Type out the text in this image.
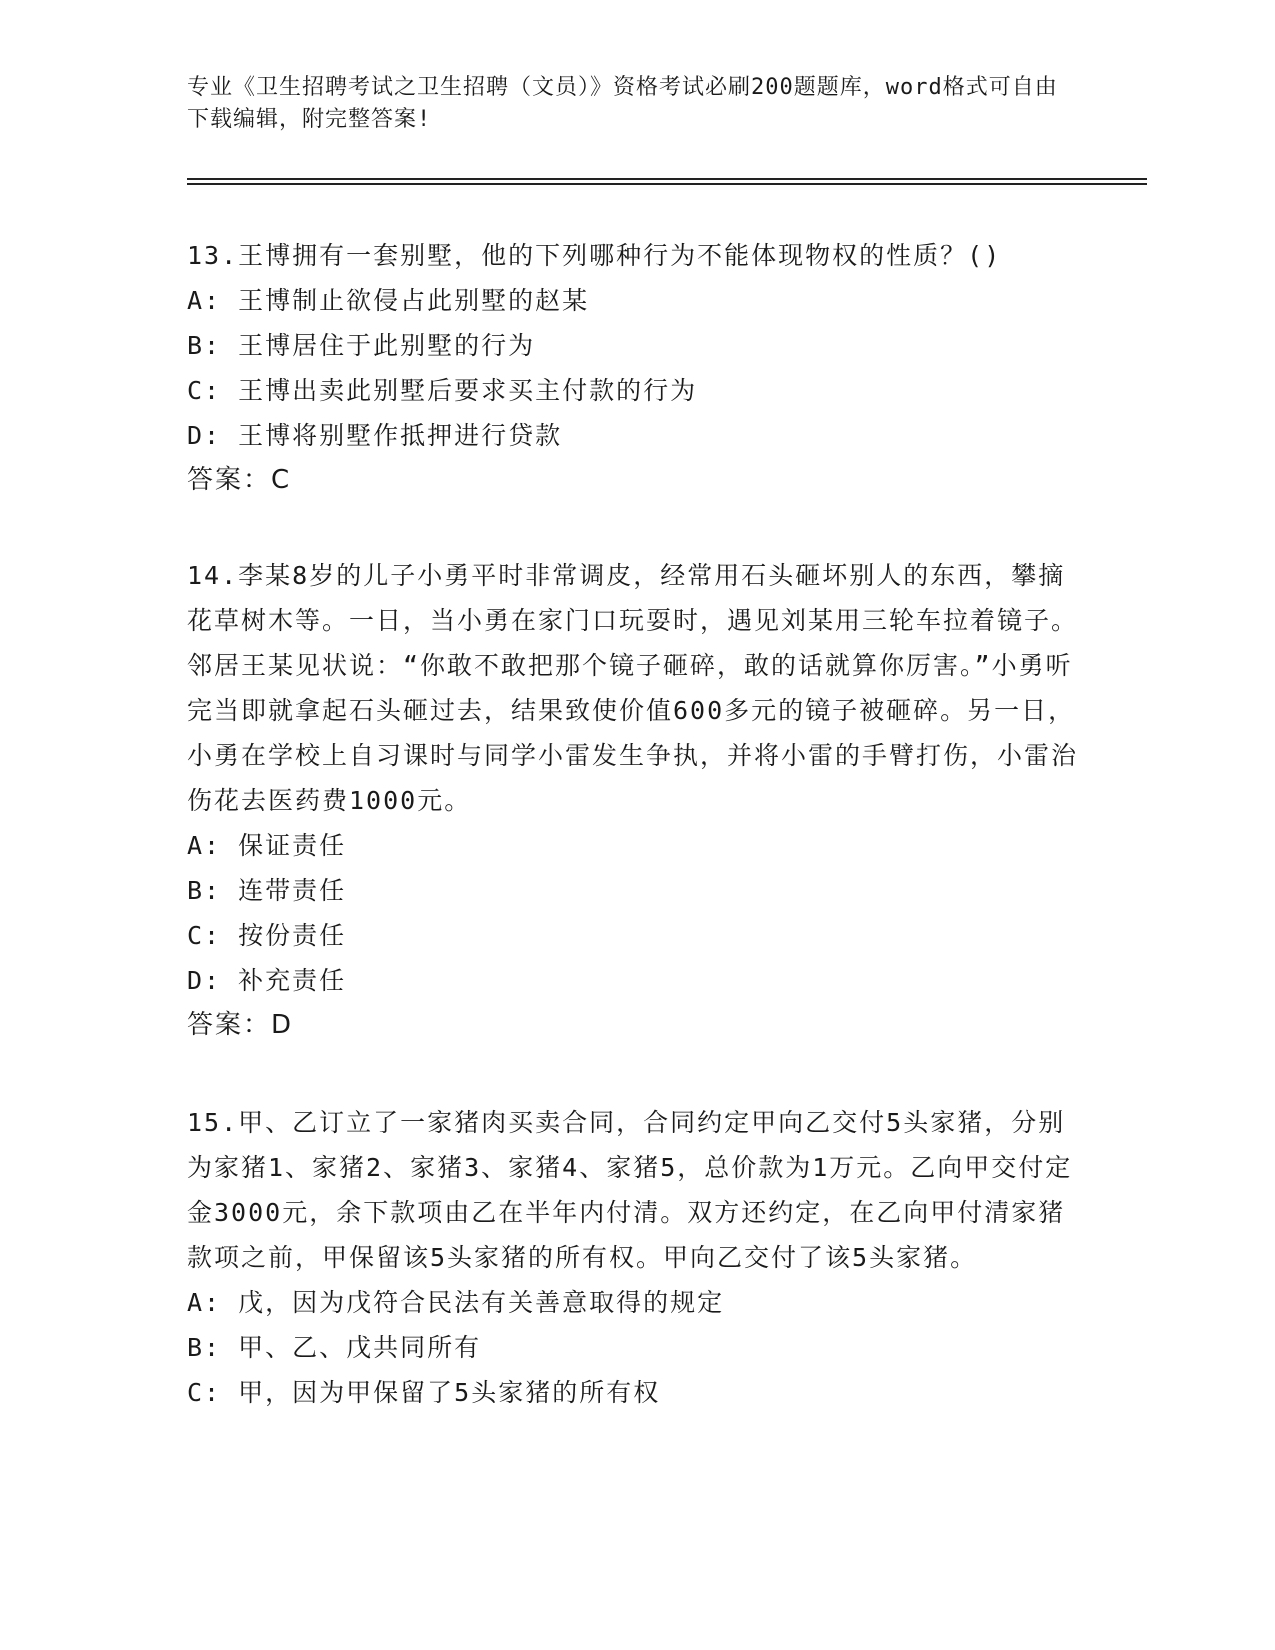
专业《卫生招聘考试之卫生招聘（文员）》资格考试必刷200题题库，word格式可自由下载编辑，附完整答案!
13.王博拥有一套别墅，他的下列哪种行为不能体现物权的性质？()
A: 王博制止欲侵占此别墅的赵某
B: 王博居住于此别墅的行为
C: 王博出卖此别墅后要求买主付款的行为
D: 王博将别墅作抵押进行贷款
答案：C
14.李某8岁的儿子小勇平时非常调皮，经常用石头砸坏别人的东西，攀摘花草树木等。一日，当小勇在家门口玩耍时，遇见刘某用三轮车拉着镜子。邻居王某见状说：“你敢不敢把那个镜子砸碎，敢的话就算你厉害。”小勇听完当即就拿起石头砸过去，结果致使价值600多元的镜子被砸碎。另一日，小勇在学校上自习课时与同学小雷发生争执，并将小雷的手臂打伤，小雷治伤花去医药费1000元。
A: 保证责任
B: 连带责任
C: 按份责任
D: 补充责任
答案：D
15.甲、乙订立了一家猪肉买卖合同，合同约定甲向乙交付5头家猪，分别为家猪1、家猪2、家猪3、家猪4、家猪5，总价款为1万元。乙向甲交付定金3000元，余下款项由乙在半年内付清。双方还约定，在乙向甲付清家猪款项之前，甲保留该5头家猪的所有权。甲向乙交付了该5头家猪。
A: 戊，因为戊符合民法有关善意取得的规定
B: 甲、乙、戊共同所有
C: 甲，因为甲保留了5头家猪的所有权
